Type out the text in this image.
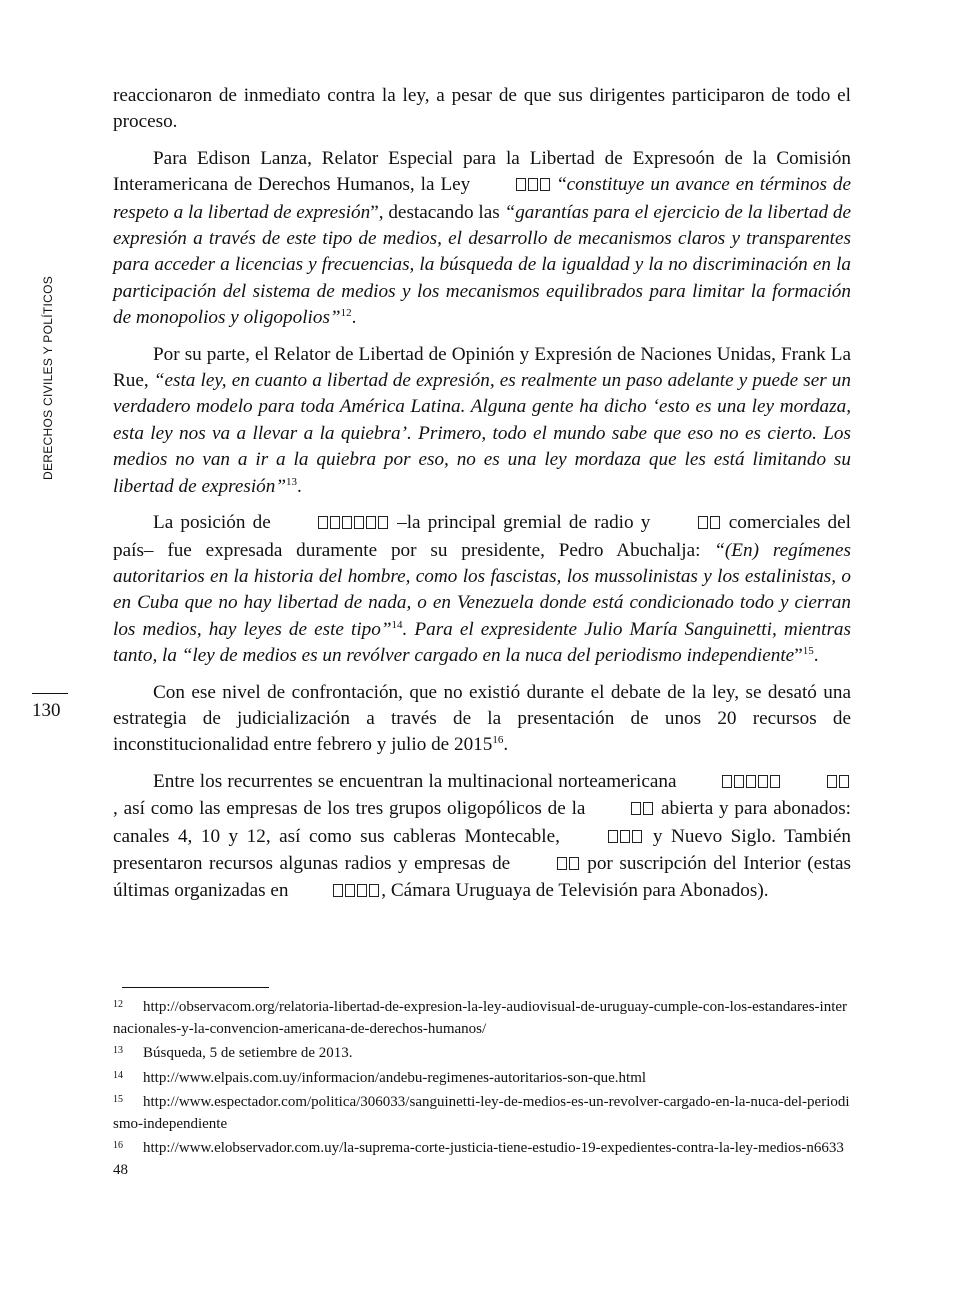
DERECHOS CIVILES Y POLÍTICOS
130

reaccionaron de inmediato contra la ley, a pesar de que sus dirigentes participaron de todo el proceso.

Para Edison Lanza, Relator Especial para la Libertad de Expresoón de la Comisión Interamericana de Derechos Humanos, la Ley	“constituye un avance en términos de respeto a la libertad de expresión”, destacando las “garantías para el ejercicio de la libertad de expresión a través de este tipo de medios, el desarrollo de mecanismos claros y transparentes para acceder a licencias y frecuencias, la búsqueda de la igualdad y la no discriminación en la participación del sistema de medios y los mecanismos equilibrados para limitar la formación de monopolios y oligopolios”$^{12}$.

Por su parte, el Relator de Libertad de Opinión y Expresión de Naciones Unidas, Frank La Rue, “esta ley, en cuanto a libertad de expresión, es realmente un paso adelante y puede ser un verdadero modelo para toda América Latina. Alguna gente ha dicho ‘esto es una ley mordaza, esta ley nos va a llevar a la quiebra’. Primero, todo el mundo sabe que eso no es cierto. Los medios no van a ir a la quiebra por eso, no es una ley mordaza que les está limitando su libertad de expresión”$^{13}$.

La posición de	–la principal gremial de radio y	comerciales del país– fue expresada duramente por su presidente, Pedro Abuchalja: “(En) regímenes autoritarios en la historia del hombre, como los fascistas, los mussolinistas y los estalinistas, o en Cuba que no hay libertad de nada, o en Venezuela donde está condicionado todo y cierran los medios, hay leyes de este tipo”$^{14}$. Para el expresidente Julio María Sanguinetti, mientras tanto, la “ley de medios es un revólver cargado en la nuca del periodismo independiente”$^{15}$.

Con ese nivel de confrontación, que no existió durante el debate de la ley, se desató una estrategia de judicialización a través de la presentación de unos 20 recursos de inconstitucionalidad entre febrero y julio de 2015$^{16}$.

Entre los recurrentes se encuentran la multinacional norteamericana  , así como las empresas de los tres grupos oligopólicos de la	abierta y para abonados: canales 4, 10 y 12, así como sus cableras Montecable,	y Nuevo Siglo. También presentaron recursos algunas radios y empresas de	por suscripción del Interior (estas últimas organizadas en	, Cámara Uruguaya de Televisión para Abonados).

12 http://observacom.org/relatoria-libertad-de-expresion-la-ley-audiovisual-de-uruguay-cumple-con-los-estandares-internacionales-y-la-convencion-americana-de-derechos-humanos/

13 Búsqueda, 5 de setiembre de 2013.

14 http://www.elpais.com.uy/informacion/andebu-regimenes-autoritarios-son-que.html

15 http://www.espectador.com/politica/306033/sanguinetti-ley-de-medios-es-un-revolver-cargado-en-la-nuca-del-periodismo-independiente

16 http://www.elobservador.com.uy/la-suprema-corte-justicia-tiene-estudio-19-expedientes-contra-la-ley-medios-n663348
